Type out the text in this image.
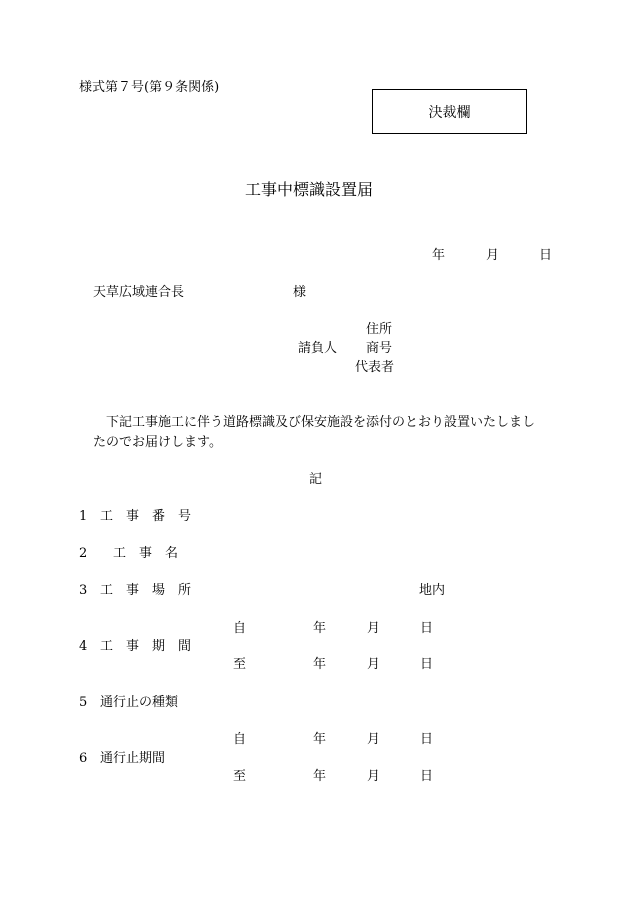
様式第７号(第９条関係)
決裁欄
工事中標識設置届
年	月	日
天草広域連合長	様
住所
請負人 商号
代表者
下記工事施工に伴う道路標識及び保安施設を添付のとおり設置いたしまし
たのでお届けします。
記
1 工　事　番　号
2 工　事　名
3 工　事　場　所	地内
自	年	月	日
4 工　事　期　間
至	年	月	日
5 通行止の種類
自	年	月	日
6 通行止期間
至	年	月	日
